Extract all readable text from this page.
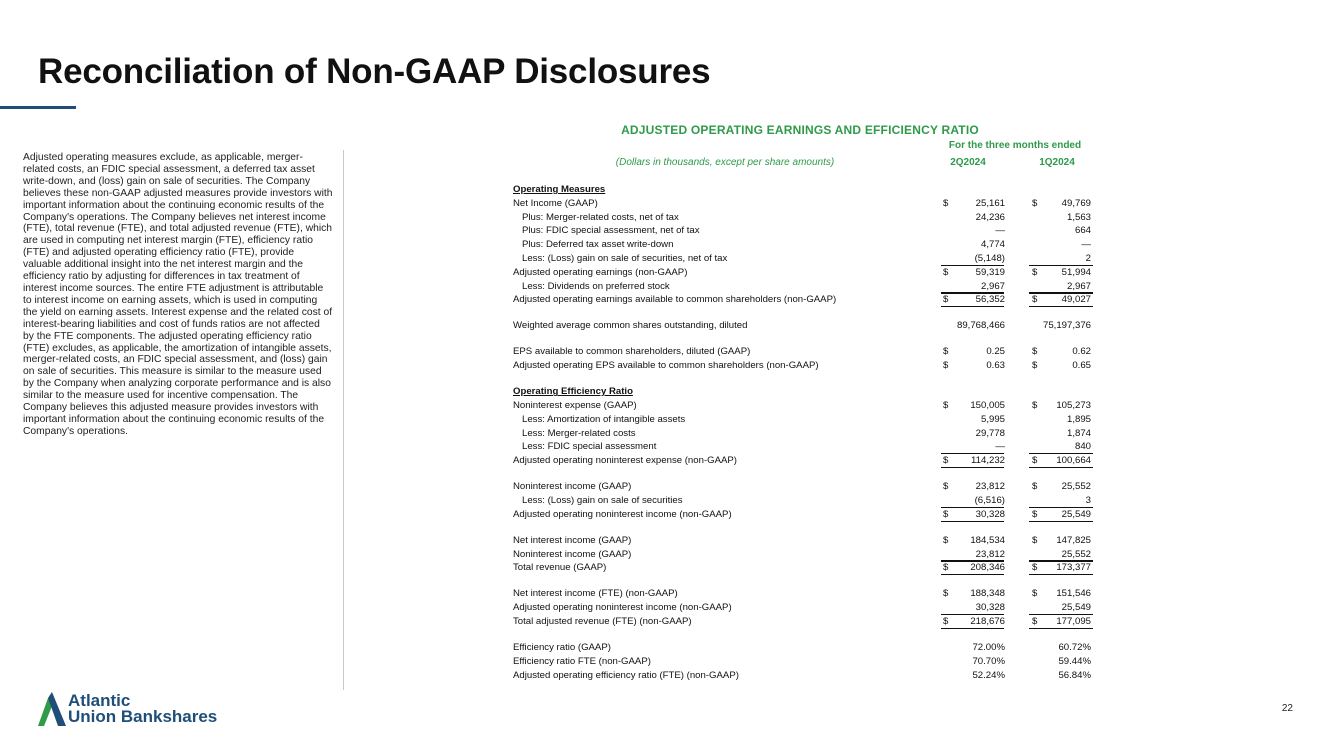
Reconciliation of Non-GAAP Disclosures
Adjusted operating measures exclude, as applicable, merger-related costs, an FDIC special assessment, a deferred tax asset write-down, and (loss) gain on sale of securities. The Company believes these non-GAAP adjusted measures provide investors with important information about the continuing economic results of the Company's operations. The Company believes net interest income (FTE), total revenue (FTE), and total adjusted revenue (FTE), which are used in computing net interest margin (FTE), efficiency ratio (FTE) and adjusted operating efficiency ratio (FTE), provide valuable additional insight into the net interest margin and the efficiency ratio by adjusting for differences in tax treatment of interest income sources. The entire FTE adjustment is attributable to interest income on earning assets, which is used in computing the yield on earning assets. Interest expense and the related cost of interest-bearing liabilities and cost of funds ratios are not affected by the FTE components. The adjusted operating efficiency ratio (FTE) excludes, as applicable, the amortization of intangible assets, merger-related costs, an FDIC special assessment, and (loss) gain on sale of securities. This measure is similar to the measure used by the Company when analyzing corporate performance and is also similar to the measure used for incentive compensation. The Company believes this adjusted measure provides investors with important information about the continuing economic results of the Company's operations.
ADJUSTED OPERATING EARNINGS AND EFFICIENCY RATIO
For the three months ended
(Dollars in thousands, except per share amounts)	2Q2024	1Q2024
Operating Measures
Net Income (GAAP)	$	25,161	$	49,769
Plus: Merger-related costs, net of tax	24,236	1,563
Plus: FDIC special assessment, net of tax	—	664
Plus: Deferred tax asset write-down	4,774	—
Less: (Loss) gain on sale of securities, net of tax	(5,148)	2
Adjusted operating earnings (non-GAAP)	$	59,319	$	51,994
Less: Dividends on preferred stock	2,967	2,967
Adjusted operating earnings available to common shareholders (non-GAAP)	$	56,352	$	49,027
Weighted average common shares outstanding, diluted	89,768,466	75,197,376
EPS available to common shareholders, diluted (GAAP)	$	0.25	$	0.62
Adjusted operating EPS available to common shareholders (non-GAAP)	$	0.63	$	0.65
Operating Efficiency Ratio
Noninterest expense (GAAP)	$	150,005	$	105,273
Less: Amortization of intangible assets	5,995	1,895
Less: Merger-related costs	29,778	1,874
Less: FDIC special assessment	—	840
Adjusted operating noninterest expense (non-GAAP)	$	114,232	$	100,664
Noninterest income (GAAP)	$	23,812	$	25,552
Less: (Loss) gain on sale of securities	(6,516)	3
Adjusted operating noninterest income (non-GAAP)	$	30,328	$	25,549
Net interest income (GAAP)	$	184,534	$	147,825
Noninterest income (GAAP)	23,812	25,552
Total revenue (GAAP)	$	208,346	$	173,377
Net interest income (FTE) (non-GAAP)	$	188,348	$	151,546
Adjusted operating noninterest income (non-GAAP)	30,328	25,549
Total adjusted revenue (FTE) (non-GAAP)	$	218,676	$	177,095
Efficiency ratio (GAAP)	72.00%	60.72%
Efficiency ratio FTE (non-GAAP)	70.70%	59.44%
Adjusted operating efficiency ratio (FTE) (non-GAAP)	52.24%	56.84%
Atlantic
Union Bankshares	22
